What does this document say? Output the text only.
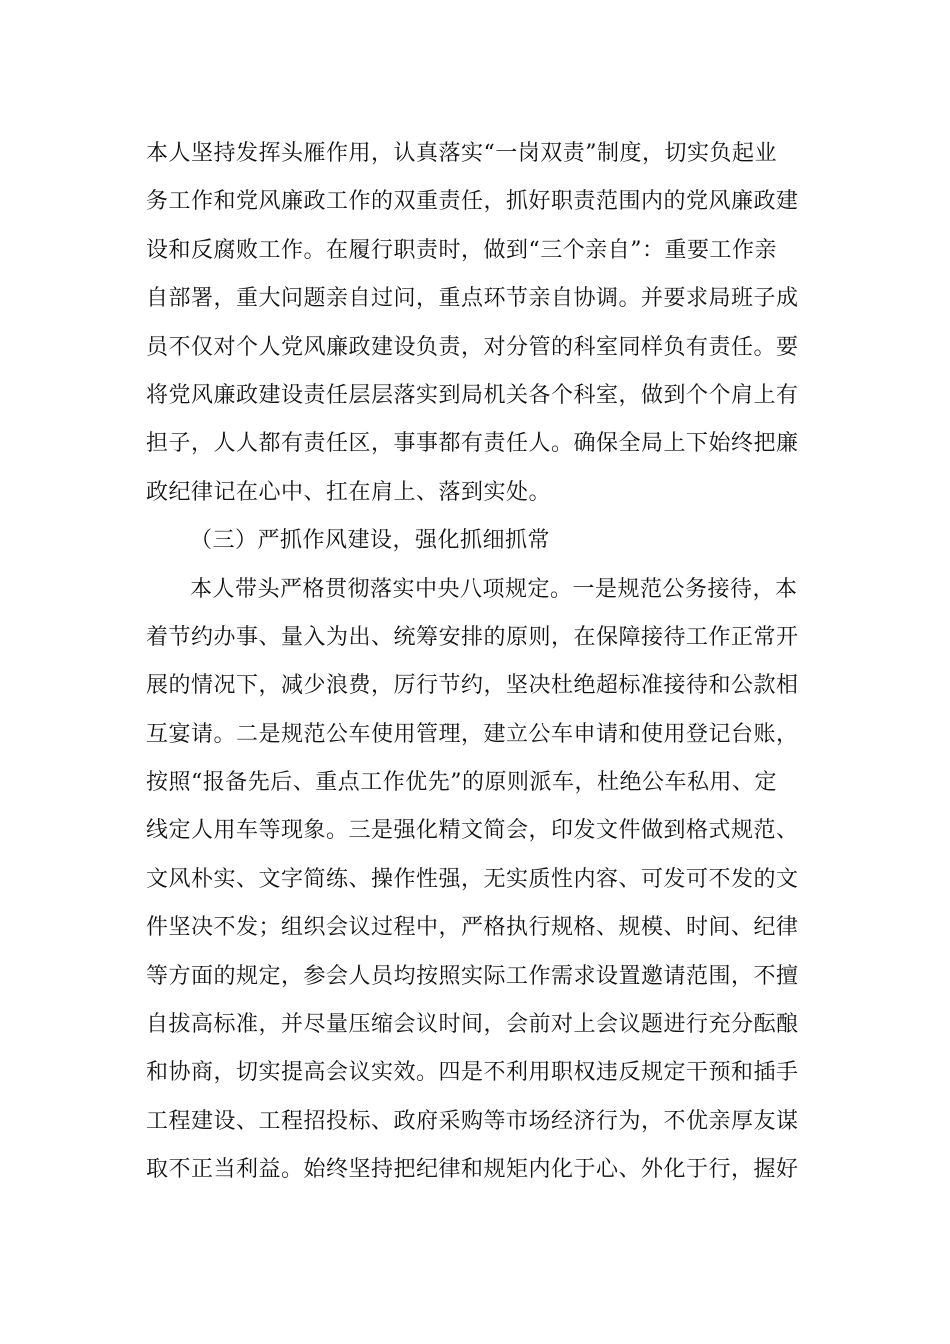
本人坚持发挥头雁作用，认真落实“一岗双责”制度，切实负起业
务工作和党风廉政工作的双重责任，抓好职责范围内的党风廉政建
设和反腐败工作。在履行职责时，做到“三个亲自”：重要工作亲
自部署，重大问题亲自过问，重点环节亲自协调。并要求局班子成
员不仅对个人党风廉政建设负责，对分管的科室同样负有责任。要
将党风廉政建设责任层层落实到局机关各个科室，做到个个肩上有
担子，人人都有责任区，事事都有责任人。确保全局上下始终把廉
政纪律记在心中、扛在肩上、落到实处。
（三）严抓作风建设，强化抓细抓常
本人带头严格贯彻落实中央八项规定。一是规范公务接待，本
着节约办事、量入为出、统筹安排的原则，在保障接待工作正常开
展的情况下，减少浪费，厉行节约，坚决杜绝超标准接待和公款相
互宴请。二是规范公车使用管理，建立公车申请和使用登记台账，
按照“报备先后、重点工作优先”的原则派车，杜绝公车私用、定
线定人用车等现象。三是强化精文简会，印发文件做到格式规范、
文风朴实、文字简练、操作性强，无实质性内容、可发可不发的文
件坚决不发；组织会议过程中，严格执行规格、规模、时间、纪律
等方面的规定，参会人员均按照实际工作需求设置邀请范围，不擅
自拔高标准，并尽量压缩会议时间，会前对上会议题进行充分酝酿
和协商，切实提高会议实效。四是不利用职权违反规定干预和插手
工程建设、工程招投标、政府采购等市场经济行为，不优亲厚友谋
取不正当利益。始终坚持把纪律和规矩内化于心、外化于行，握好
